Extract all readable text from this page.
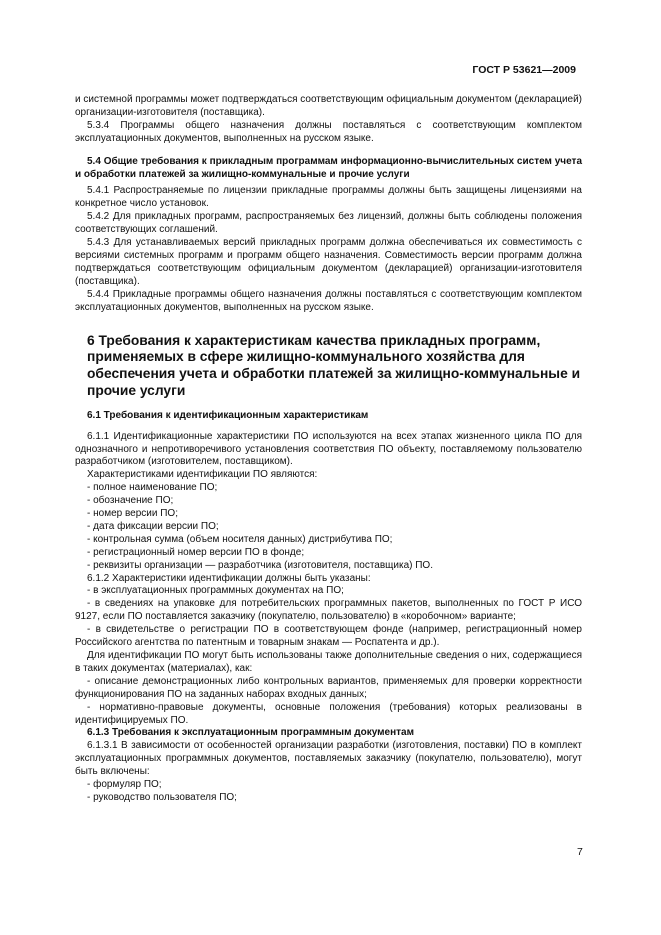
ГОСТ Р 53621—2009

и системной программы может подтверждаться соответствующим официальным документом (декларацией) организации-изготовителя (поставщика).

5.3.4 Программы общего назначения должны поставляться с соответствующим комплектом эксплуатационных документов, выполненных на русском языке.

5.4 Общие требования к прикладным программам информационно-вычислительных систем учета и обработки платежей за жилищно-коммунальные и прочие услуги

5.4.1 Распространяемые по лицензии прикладные программы должны быть защищены лицензиями на конкретное число установок.

5.4.2 Для прикладных программ, распространяемых без лицензий, должны быть соблюдены положения соответствующих соглашений.

5.4.3 Для устанавливаемых версий прикладных программ должна обеспечиваться их совместимость с версиями системных программ и программ общего назначения. Совместимость версии программ должна подтверждаться соответствующим официальным документом (декларацией) организации-изготовителя (поставщика).

5.4.4 Прикладные программы общего назначения должны поставляться с соответствующим комплектом эксплуатационных документов, выполненных на русском языке.

6 Требования к характеристикам качества прикладных программ, применяемых в сфере жилищно-коммунального хозяйства для обеспечения учета и обработки платежей за жилищно-коммунальные и прочие услуги

6.1 Требования к идентификационным характеристикам

6.1.1 Идентификационные характеристики ПО используются на всех этапах жизненного цикла ПО для однозначного и непротиворечивого установления соответствия ПО объекту, поставляемому пользователю разработчиком (изготовителем, поставщиком).

Характеристиками идентификации ПО являются:

- полное наименование ПО;

- обозначение ПО;

- номер версии ПО;

- дата фиксации версии ПО;

- контрольная сумма (объем носителя данных) дистрибутива ПО;

- регистрационный номер версии ПО в фонде;

- реквизиты организации — разработчика (изготовителя, поставщика) ПО.

6.1.2 Характеристики идентификации должны быть указаны:

- в эксплуатационных программных документах на ПО;

- в сведениях на упаковке для потребительских программных пакетов, выполненных по ГОСТ Р ИСО 9127, если ПО поставляется заказчику (покупателю, пользователю) в «коробочном» варианте;

- в свидетельстве о регистрации ПО в соответствующем фонде (например, регистрационный номер Российского агентства по патентным и товарным знакам — Роспатента и др.).

Для идентификации ПО могут быть использованы также дополнительные сведения о них, содержащиеся в таких документах (материалах), как:

- описание демонстрационных либо контрольных вариантов, применяемых для проверки корректности функционирования ПО на заданных наборах входных данных;

- нормативно-правовые документы, основные положения (требования) которых реализованы в идентифицируемых ПО.

6.1.3 Требования к эксплуатационным программным документам

6.1.3.1 В зависимости от особенностей организации разработки (изготовления, поставки) ПО в комплект эксплуатационных программных документов, поставляемых заказчику (покупателю, пользователю), могут быть включены:

- формуляр ПО;

- руководство пользователя ПО;

7
